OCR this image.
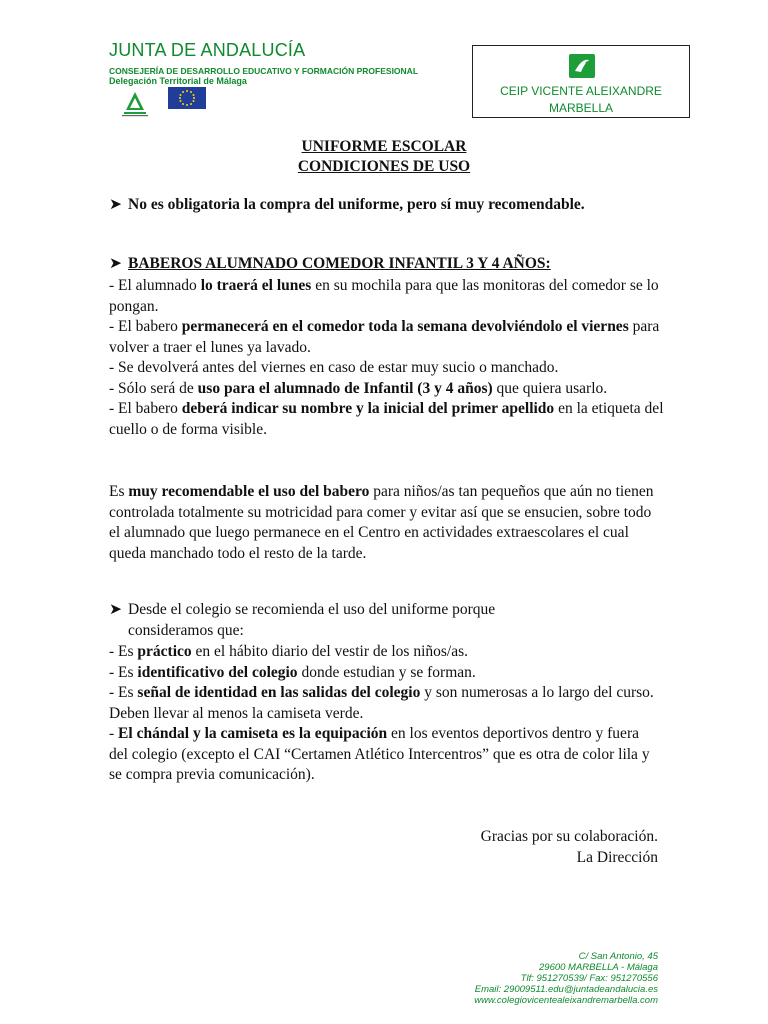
JUNTA DE ANDALUCÍA
CONSEJERÍA DE DESARROLLO EDUCATIVO Y FORMACIÓN PROFESIONAL
Delegación Territorial de Málaga

CEIP VICENTE ALEIXANDRE
MARBELLA
UNIFORME ESCOLAR
CONDICIONES DE USO
➤ No es obligatoria la compra del uniforme, pero sí muy recomendable.
➤ BABEROS ALUMNADO COMEDOR INFANTIL 3 Y 4 AÑOS:

- El alumnado lo traerá el lunes en su mochila para que las monitoras del comedor se lo pongan.

- El babero permanecerá en el comedor toda la semana devolviéndolo el viernes para volver a traer el lunes ya lavado.

- Se devolverá antes del viernes en caso de estar muy sucio o manchado.

- Sólo será de uso para el alumnado de Infantil (3 y 4 años) que quiera usarlo.

- El babero deberá indicar su nombre y la inicial del primer apellido en la etiqueta del cuello o de forma visible.

Es muy recomendable el uso del babero para niños/as tan pequeños que aún no tienen controlada totalmente su motricidad para comer y evitar así que se ensucien, sobre todo el alumnado que luego permanece en el Centro en actividades extraescolares el cual queda manchado todo el resto de la tarde.

➤ Desde el colegio se recomienda el uso del uniforme porque consideramos que:

- Es práctico en el hábito diario del vestir de los niños/as.

- Es identificativo del colegio donde estudian y se forman.

- Es señal de identidad en las salidas del colegio y son numerosas a lo largo del curso. Deben llevar al menos la camiseta verde.

- El chándal y la camiseta es la equipación en los eventos deportivos dentro y fuera del colegio (excepto el CAI “Certamen Atlético Intercentros” que es otra de color lila y se compra previa comunicación).

Gracias por su colaboración.
La Dirección
C/ San Antonio, 45
29600 MARBELLA - Málaga
Tlf: 951270539/ Fax: 951270556
Email: 29009511.edu@juntadeandalucia.es
www.colegiovicentealeixandremarbella.com
